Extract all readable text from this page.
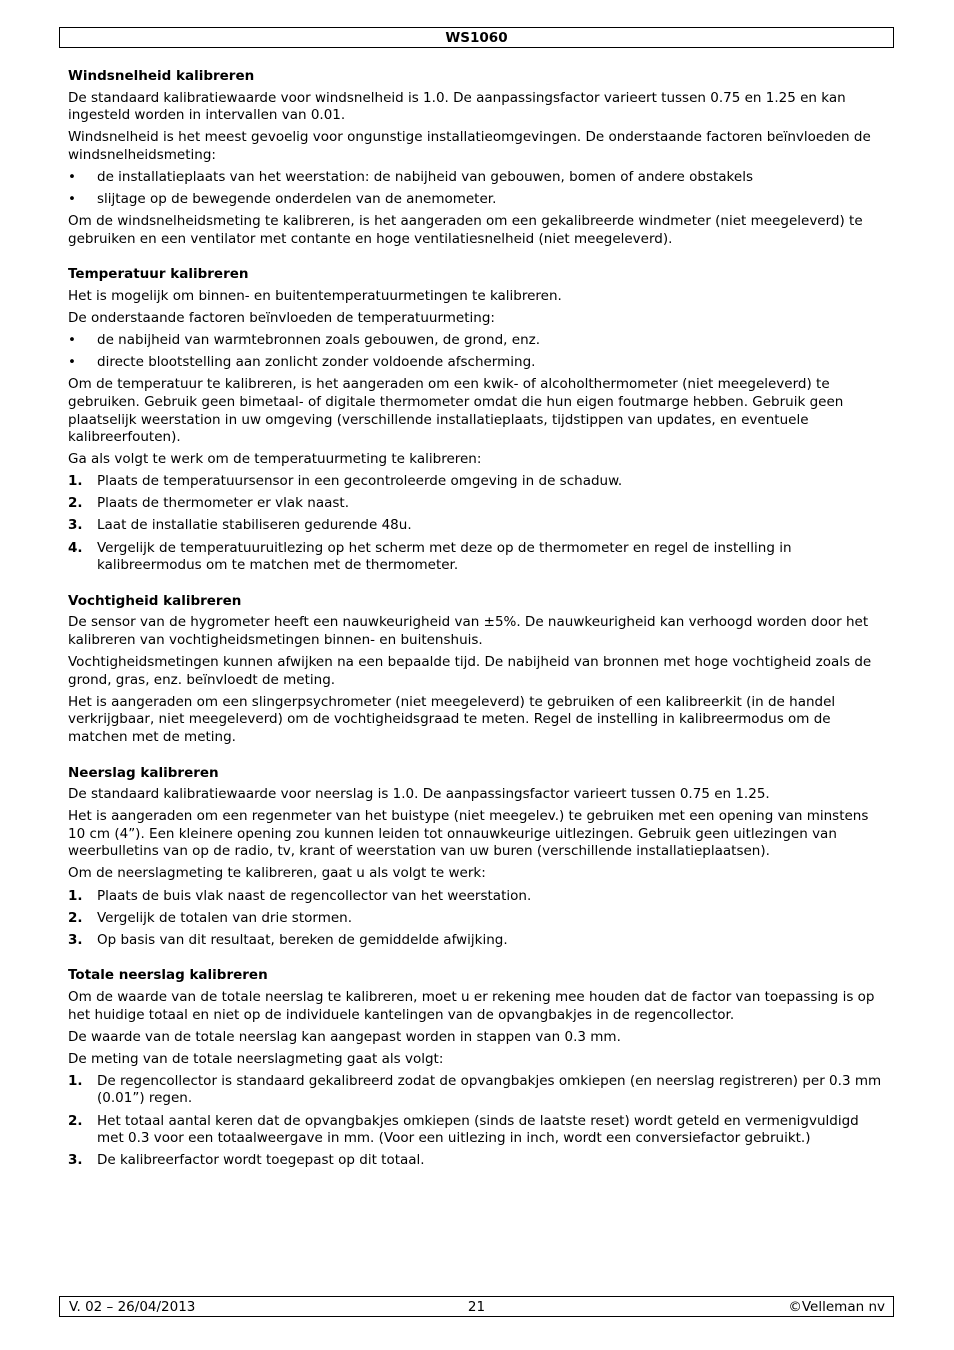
WS1060
Windsnelheid kalibreren

De standaard kalibratiewaarde voor windsnelheid is 1.0. De aanpassingsfactor varieert tussen 0.75 en 1.25 en kan ingesteld worden in intervallen van 0.01.

Windsnelheid is het meest gevoelig voor ongunstige installatieomgevingen. De onderstaande factoren beïnvloeden de windsnelheidsmeting:

• de installatieplaats van het weerstation: de nabijheid van gebouwen, bomen of andere obstakels
• slijtage op de bewegende onderdelen van de anemometer.

Om de windsnelheidsmeting te kalibreren, is het aangeraden om een gekalibreerde windmeter (niet meegeleverd) te gebruiken en een ventilator met contante en hoge ventilatiesnelheid (niet meegeleverd).

Temperatuur kalibreren

Het is mogelijk om binnen- en buitentemperatuurmetingen te kalibreren.

De onderstaande factoren beïnvloeden de temperatuurmeting:

• de nabijheid van warmtebronnen zoals gebouwen, de grond, enz.
• directe blootstelling aan zonlicht zonder voldoende afscherming.

Om de temperatuur te kalibreren, is het aangeraden om een kwik- of alcoholthermometer (niet meegeleverd) te gebruiken. Gebruik geen bimetaal- of digitale thermometer omdat die hun eigen foutmarge hebben. Gebruik geen plaatselijk weerstation in uw omgeving (verschillende installatieplaats, tijdstippen van updates, en eventuele kalibreerfouten).

Ga als volgt te werk om de temperatuurmeting te kalibreren:

1. Plaats de temperatuursensor in een gecontroleerde omgeving in de schaduw.
2. Plaats de thermometer er vlak naast.
3. Laat de installatie stabiliseren gedurende 48u.
4. Vergelijk de temperatuuruitlezing op het scherm met deze op de thermometer en regel de instelling in kalibreermodus om te matchen met de thermometer.
Vochtigheid kalibreren

De sensor van de hygrometer heeft een nauwkeurigheid van ±5%. De nauwkeurigheid kan verhoogd worden door het kalibreren van vochtigheidsmetingen binnen- en buitenshuis.

Vochtigheidsmetingen kunnen afwijken na een bepaalde tijd. De nabijheid van bronnen met hoge vochtigheid zoals de grond, gras, enz. beïnvloedt de meting.

Het is aangeraden om een slingerpsychrometer (niet meegeleverd) te gebruiken of een kalibreerkit (in de handel verkrijgbaar, niet meegeleverd) om de vochtigheidsgraad te meten. Regel de instelling in kalibreermodus om de matchen met de meting.

Neerslag kalibreren

De standaard kalibratiewaarde voor neerslag is 1.0. De aanpassingsfactor varieert tussen 0.75 en 1.25.

Het is aangeraden om een regenmeter van het buistype (niet meegelev.) te gebruiken met een opening van minstens 10 cm (4”). Een kleinere opening zou kunnen leiden tot onnauwkeurige uitlezingen. Gebruik geen uitlezingen van weerbulletins van op de radio, tv, krant of weerstation van uw buren (verschillende installatieplaatsen).

Om de neerslagmeting te kalibreren, gaat u als volgt te werk:

1. Plaats de buis vlak naast de regencollector van het weerstation.
2. Vergelijk de totalen van drie stormen.
3. Op basis van dit resultaat, bereken de gemiddelde afwijking.
Totale neerslag kalibreren

Om de waarde van de totale neerslag te kalibreren, moet u er rekening mee houden dat de factor van toepassing is op het huidige totaal en niet op de individuele kantelingen van de opvangbakjes in de regencollector.

De waarde van de totale neerslag kan aangepast worden in stappen van 0.3 mm.

De meting van de totale neerslagmeting gaat als volgt:

1. De regencollector is standaard gekalibreerd zodat de opvangbakjes omkiepen (en neerslag registreren) per 0.3 mm (0.01”) regen.
2. Het totaal aantal keren dat de opvangbakjes omkiepen (sinds de laatste reset) wordt geteld en vermenigvuldigd met 0.3 voor een totaalweergave in mm. (Voor een uitlezing in inch, wordt een conversiefactor gebruikt.)
3. De kalibreerfactor wordt toegepast op dit totaal.
V. 02 – 26/04/2013	21	©Velleman nv
